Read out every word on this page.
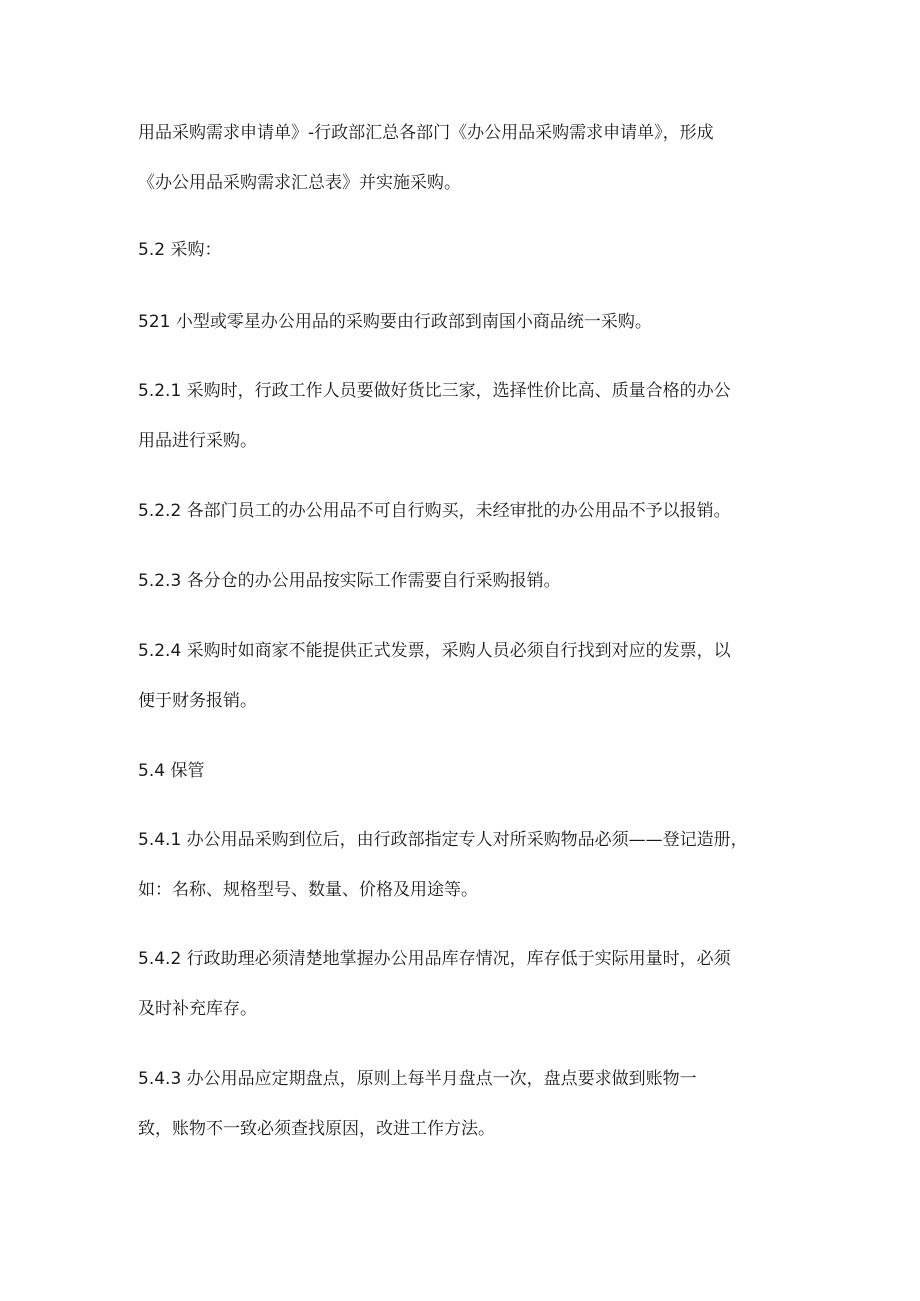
用品采购需求申请单》-行政部汇总各部门《办公用品采购需求申请单》，形成
《办公用品采购需求汇总表》并实施采购。
5.2 采购：
521 小型或零星办公用品的采购要由行政部到南国小商品统一采购。
5.2.1 采购时，行政工作人员要做好货比三家，选择性价比高、质量合格的办公
用品进行采购。
5.2.2 各部门员工的办公用品不可自行购买，未经审批的办公用品不予以报销。
5.2.3 各分仓的办公用品按实际工作需要自行采购报销。
5.2.4 采购时如商家不能提供正式发票，采购人员必须自行找到对应的发票，以
便于财务报销。
5.4 保管
5.4.1 办公用品采购到位后，由行政部指定专人对所采购物品必须——登记造册，
如：名称、规格型号、数量、价格及用途等。
5.4.2 行政助理必须清楚地掌握办公用品库存情况，库存低于实际用量时，必须
及时补充库存。
5.4.3 办公用品应定期盘点，原则上每半月盘点一次，盘点要求做到账物一
致，账物不一致必须查找原因，改进工作方法。
